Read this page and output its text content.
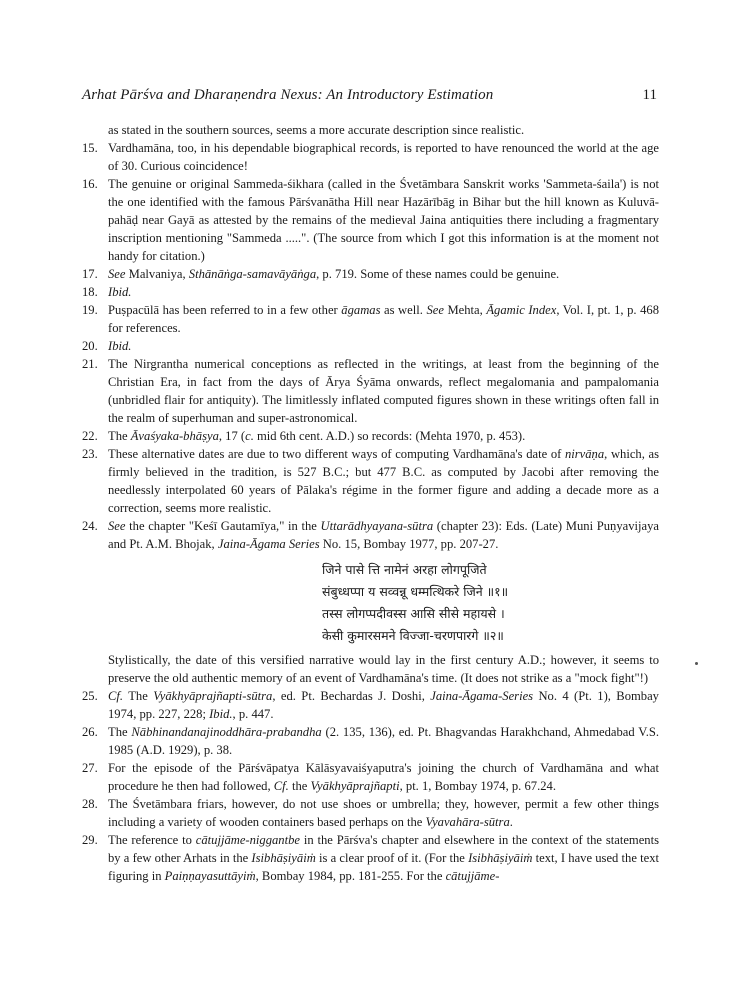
Arhat Pārśva and Dharaṇendra Nexus: An Introductory Estimation	11
as stated in the southern sources, seems a more accurate description since realistic.
15. Vardhamāna, too, in his dependable biographical records, is reported to have renounced the world at the age of 30. Curious coincidence!
16. The genuine or original Sammeda-śikhara (called in the Śvetāmbara Sanskrit works 'Sammeta-śaila') is not the one identified with the famous Pārśvanātha Hill near Hazārībāg in Bihar but the hill known as Kuluvā-pahāḍ near Gayā as attested by the remains of the medieval Jaina antiquities there including a fragmentary inscription mentioning "Sammeda .....". (The source from which I got this information is at the moment not handy for citation.)
17. See Malvaniya, Sthānāṅga-samavāyāṅga, p. 719. Some of these names could be genuine.
18. Ibid.
19. Puṣpacūlā has been referred to in a few other āgamas as well. See Mehta, Āgamic Index, Vol. I, pt. 1, p. 468 for references.
20. Ibid.
21. The Nirgrantha numerical conceptions as reflected in the writings, at least from the beginning of the Christian Era, in fact from the days of Ārya Śyāma onwards, reflect megalomania and pampalomania (unbridled flair for antiquity). The limitlessly inflated computed figures shown in these writings often fall in the realm of superhuman and super-astronomical.
22. The Āvaśyaka-bhāṣya, 17 (c. mid 6th cent. A.D.) so records: (Mehta 1970, p. 453).
23. These alternative dates are due to two different ways of computing Vardhamāna's date of nirvāṇa, which, as firmly believed in the tradition, is 527 B.C.; but 477 B.C. as computed by Jacobi after removing the needlessly interpolated 60 years of Pālaka's régime in the former figure and adding a decade more as a correction, seems more realistic.
24. See the chapter "Keśī Gautamīya," in the Uttarādhyayana-sūtra (chapter 23): Eds. (Late) Muni Puṇyavijaya and Pt. A.M. Bhojak, Jaina-Āgama Series No. 15, Bombay 1977, pp. 207-27.
जिने पासे त्ति नामेनं अरहा लोगपूजिते
संबुध्धप्पा य सव्वन्नू धम्मत्थिकरे जिने ॥१॥
तस्स लोगप्पदीवस्स आसि सीसे महायसे ।
केसी कुमारसमने विज्जा-चरणपारगे ॥२॥
Stylistically, the date of this versified narrative would lay in the first century A.D.; however, it seems to preserve the old authentic memory of an event of Vardhamāna's time. (It does not strike as a "mock fight"!)
25. Cf. The Vyākhyāprajñapti-sūtra, ed. Pt. Bechardas J. Doshi, Jaina-Āgama-Series No. 4 (Pt. 1), Bombay 1974, pp. 227, 228; Ibid., p. 447.
26. The Nābhinandanajinoddhāra-prabandha (2. 135, 136), ed. Pt. Bhagvandas Harakhchand, Ahmedabad V.S. 1985 (A.D. 1929), p. 38.
27. For the episode of the Pārśvāpatya Kālāsyavaiśyaputra's joining the church of Vardhamāna and what procedure he then had followed, Cf. the Vyākhyāprajñapti, pt. 1, Bombay 1974, p. 67.24.
28. The Śvetāmbara friars, however, do not use shoes or umbrella; they, however, permit a few other things including a variety of wooden containers based perhaps on the Vyavahāra-sūtra.
29. The reference to cātujjāme-niggantbe in the Pārśva's chapter and elsewhere in the context of the statements by a few other Arhats in the Isibhāṣiyāiṁ is a clear proof of it. (For the Isibhāṣiyāiṁ text, I have used the text figuring in Paiṇṇayasuttāyiṁ, Bombay 1984, pp. 181-255. For the cātujjāme-
